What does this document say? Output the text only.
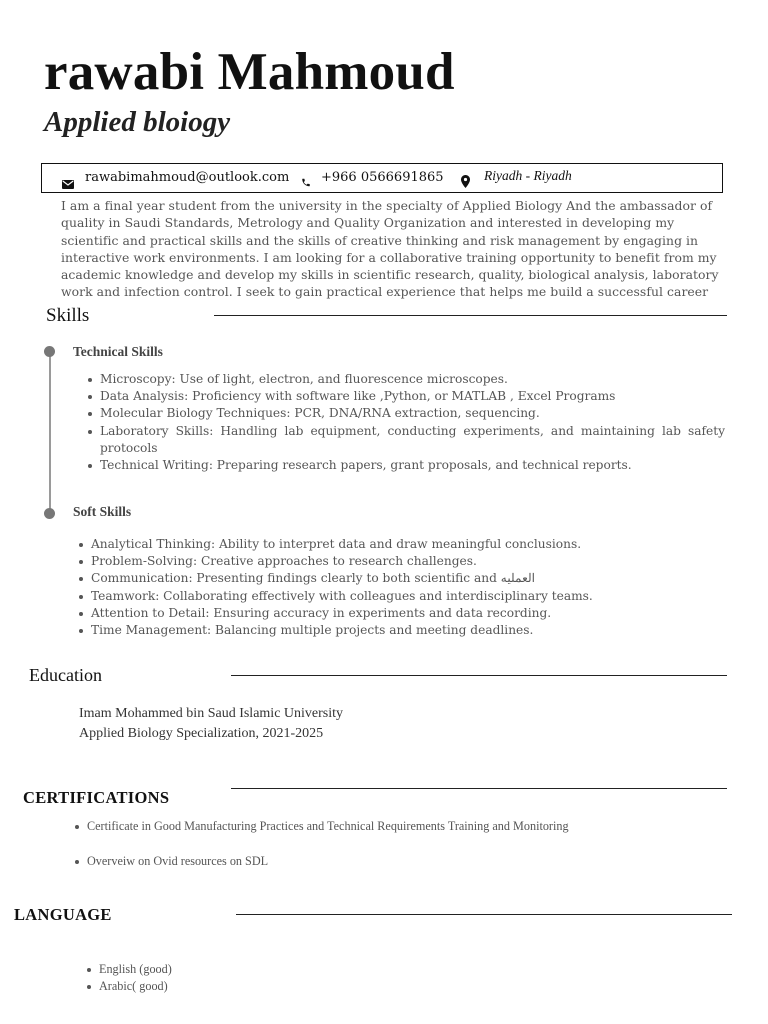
rawabi Mahmoud
Applied bloiogy
rawabimahmoud@outlook.com +966 0566691865	Riyadh - Riyadh

I am a final year student from the university in the specialty of Applied Biology And the ambassador of quality in Saudi Standards, Metrology and Quality Organization and interested in developing my scientific and practical skills and the skills of creative thinking and risk management by engaging in interactive work environments. I am looking for a collaborative training opportunity to benefit from my academic knowledge and develop my skills in scientific research, quality, biological analysis, laboratory work and infection control. I seek to gain practical experience that helps me build a successful career

Skills
Technical Skills
Microscopy: Use of light, electron, and fluorescence microscopes.
Data Analysis: Proficiency with software like ,Python, or MATLAB , Excel Programs
Molecular Biology Techniques: PCR, DNA/RNA extraction, sequencing.
Laboratory Skills: Handling lab equipment, conducting experiments, and maintaining lab safety protocols
Technical Writing: Preparing research papers, grant proposals, and technical reports.
Soft Skills
Analytical Thinking: Ability to interpret data and draw meaningful conclusions.
Problem-Solving: Creative approaches to research challenges.
Communication: Presenting findings clearly to both scientific and العمليه
Teamwork: Collaborating effectively with colleagues and interdisciplinary teams.
Attention to Detail: Ensuring accuracy in experiments and data recording.
Time Management: Balancing multiple projects and meeting deadlines.
Education

Imam Mohammed bin Saud Islamic University
Applied Biology Specialization, 2021-2025

CERTIFICATIONS
Certificate in Good Manufacturing Practices and Technical Requirements Training and Monitoring
Overveiw on Ovid resources on SDL
LANGUAGE
English (good)
Arabic( good)
